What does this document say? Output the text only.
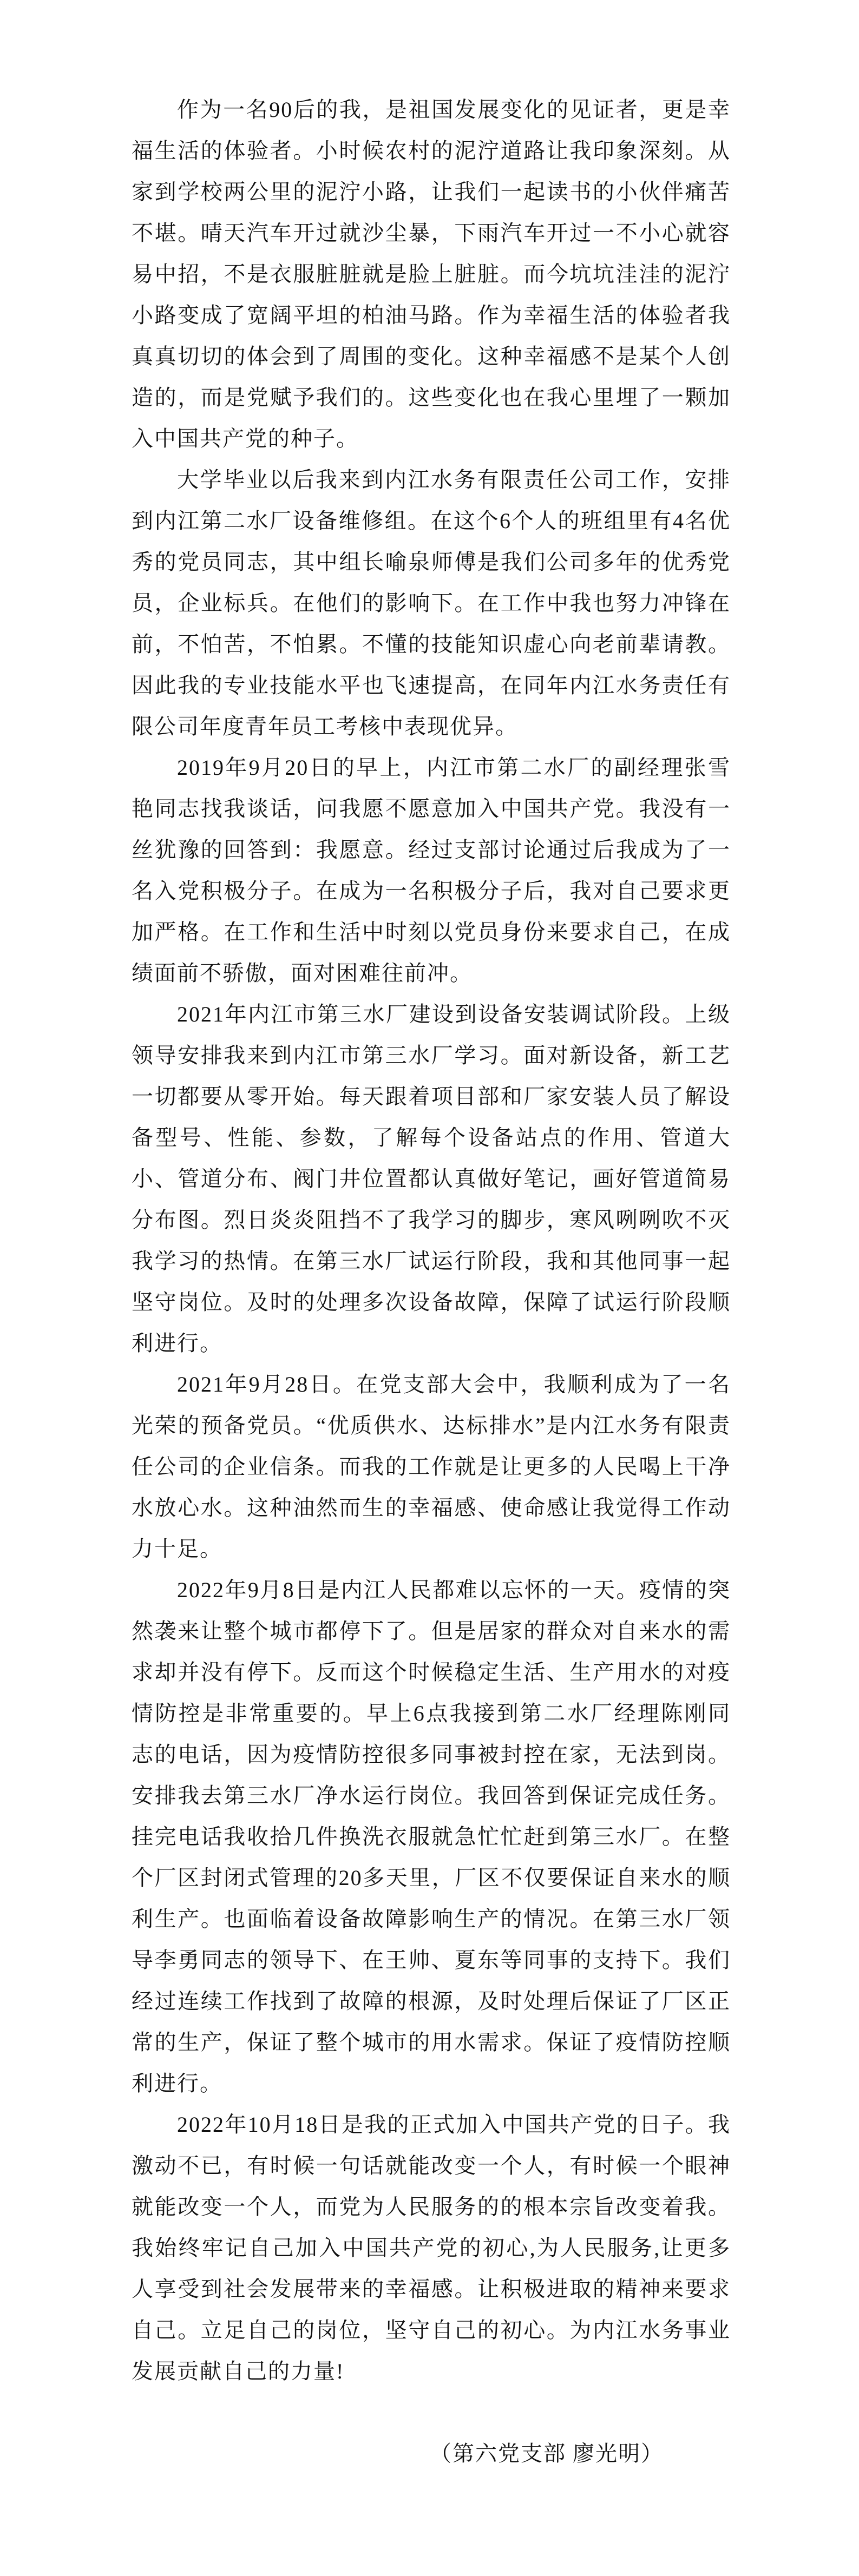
作为一名90后的我，是祖国发展变化的见证者，更是幸福生活的体验者。小时候农村的泥泞道路让我印象深刻。从家到学校两公里的泥泞小路，让我们一起读书的小伙伴痛苦不堪。晴天汽车开过就沙尘暴，下雨汽车开过一不小心就容易中招，不是衣服脏脏就是脸上脏脏。而今坑坑洼洼的泥泞小路变成了宽阔平坦的柏油马路。作为幸福生活的体验者我真真切切的体会到了周围的变化。这种幸福感不是某个人创造的，而是党赋予我们的。这些变化也在我心里埋了一颗加入中国共产党的种子。

大学毕业以后我来到内江水务有限责任公司工作，安排到内江第二水厂设备维修组。在这个6个人的班组里有4名优秀的党员同志，其中组长喻泉师傅是我们公司多年的优秀党员，企业标兵。在他们的影响下。在工作中我也努力冲锋在前，不怕苦，不怕累。不懂的技能知识虚心向老前辈请教。因此我的专业技能水平也飞速提高，在同年内江水务责任有限公司年度青年员工考核中表现优异。

2019年9月20日的早上，内江市第二水厂的副经理张雪艳同志找我谈话，问我愿不愿意加入中国共产党。我没有一丝犹豫的回答到：我愿意。经过支部讨论通过后我成为了一名入党积极分子。在成为一名积极分子后，我对自己要求更加严格。在工作和生活中时刻以党员身份来要求自己，在成绩面前不骄傲，面对困难往前冲。

2021年内江市第三水厂建设到设备安装调试阶段。上级领导安排我来到内江市第三水厂学习。面对新设备，新工艺一切都要从零开始。每天跟着项目部和厂家安装人员了解设备型号、性能、参数，了解每个设备站点的作用、管道大小、管道分布、阀门井位置都认真做好笔记，画好管道简易分布图。烈日炎炎阻挡不了我学习的脚步，寒风咧咧吹不灭我学习的热情。在第三水厂试运行阶段，我和其他同事一起坚守岗位。及时的处理多次设备故障，保障了试运行阶段顺利进行。

2021年9月28日。在党支部大会中，我顺利成为了一名光荣的预备党员。“优质供水、达标排水”是内江水务有限责任公司的企业信条。而我的工作就是让更多的人民喝上干净水放心水。这种油然而生的幸福感、使命感让我觉得工作动力十足。

2022年9月8日是内江人民都难以忘怀的一天。疫情的突然袭来让整个城市都停下了。但是居家的群众对自来水的需求却并没有停下。反而这个时候稳定生活、生产用水的对疫情防控是非常重要的。早上6点我接到第二水厂经理陈刚同志的电话，因为疫情防控很多同事被封控在家，无法到岗。安排我去第三水厂净水运行岗位。我回答到保证完成任务。挂完电话我收拾几件换洗衣服就急忙忙赶到第三水厂。在整个厂区封闭式管理的20多天里，厂区不仅要保证自来水的顺利生产。也面临着设备故障影响生产的情况。在第三水厂领导李勇同志的领导下、在王帅、夏东等同事的支持下。我们经过连续工作找到了故障的根源，及时处理后保证了厂区正常的生产，保证了整个城市的用水需求。保证了疫情防控顺利进行。

2022年10月18日是我的正式加入中国共产党的日子。我激动不已，有时候一句话就能改变一个人，有时候一个眼神就能改变一个人，而党为人民服务的的根本宗旨改变着我。我始终牢记自己加入中国共产党的初心,为人民服务,让更多人享受到社会发展带来的幸福感。让积极进取的精神来要求自己。立足自己的岗位，坚守自己的初心。为内江水务事业发展贡献自己的力量!

（第六党支部 廖光明）
